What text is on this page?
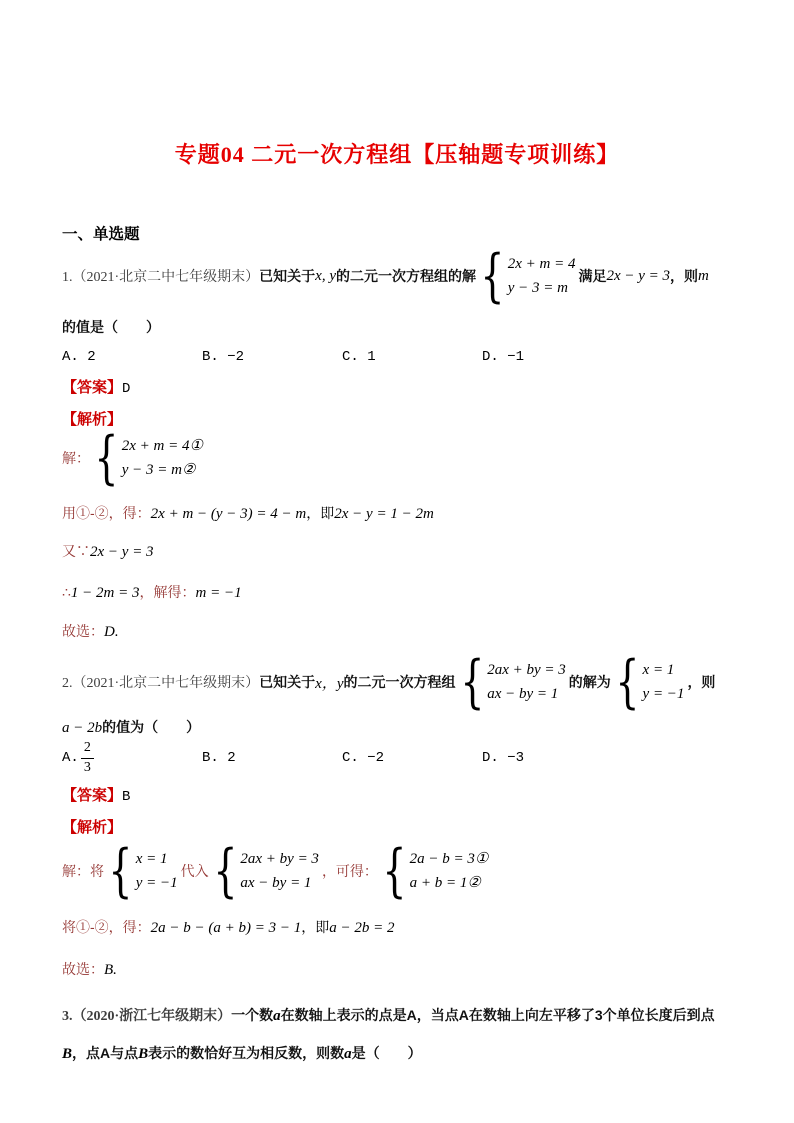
专题04 二元一次方程组【压轴题专项训练】
一、单选题
1.（2021·北京二中七年级期末） 已知关于 x, y 的二元一次方程组的解 { 2x + m = 4
y − 3 = m
满足 2x − y = 3 ，则 m
的值是（　　）
A. 2	B. −2	C. 1	D. −1
【答案】 D
【解析】
解： { 2x + m = 4①
y − 3 = m②
用①-②，得： 2x + m − (y − 3) = 4 − m ，即 2x − y = 1 − 2m
又∵ 2x − y = 3
∴ 1 − 2m = 3 ，解得： m = −1
故选： D.
2.（2021·北京二中七年级期末） 已知关于 x，y 的二元一次方程组 { 2ax + by = 3
ax − by = 1
的解为 { x = 1
y = −1
，则
a − 2b 的值为（　　）
A. $\frac{2}{3}$	B. 2	C. −2	D. −3
【答案】 B
【解析】
解：将 { x = 1
y = −1
代入 { 2ax + by = 3
ax − by = 1
，可得： { 2a − b = 3①
a + b = 1②
将①-②，得： 2a − b − (a + b) = 3 − 1 ，即 a − 2b = 2
故选： B.

3.（2020·浙江七年级期末）一个数a在数轴上表示的点是A，当点A在数轴上向左平移了3个单位长度后到点B，点A与点B表示的数恰好互为相反数，则数a是（　　）
